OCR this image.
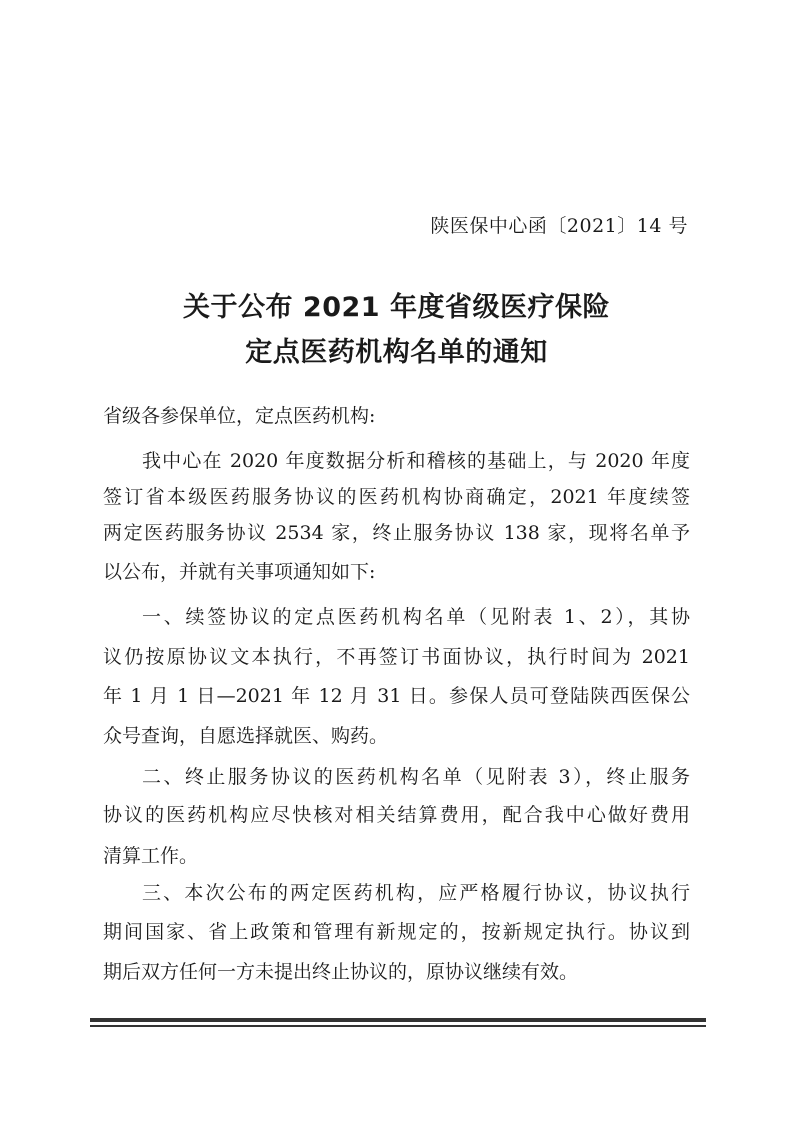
陕医保中心函〔2021〕14 号
关于公布 2021 年度省级医疗保险
定点医药机构名单的通知
省级各参保单位，定点医药机构:
我中心在 2020 年度数据分析和稽核的基础上，与 2020 年度
签订省本级医药服务协议的医药机构协商确定，2021 年度续签
两定医药服务协议 2534 家，终止服务协议 138 家，现将名单予
以公布，并就有关事项通知如下:
一、续签协议的定点医药机构名单（见附表 1、2），其协
议仍按原协议文本执行，不再签订书面协议，执行时间为 2021
年 1 月 1 日—2021 年 12 月 31 日。参保人员可登陆陕西医保公
众号查询，自愿选择就医、购药。
二、终止服务协议的医药机构名单（见附表 3），终止服务
协议的医药机构应尽快核对相关结算费用，配合我中心做好费用
清算工作。
三、本次公布的两定医药机构，应严格履行协议，协议执行
期间国家、省上政策和管理有新规定的，按新规定执行。协议到
期后双方任何一方未提出终止协议的，原协议继续有效。
